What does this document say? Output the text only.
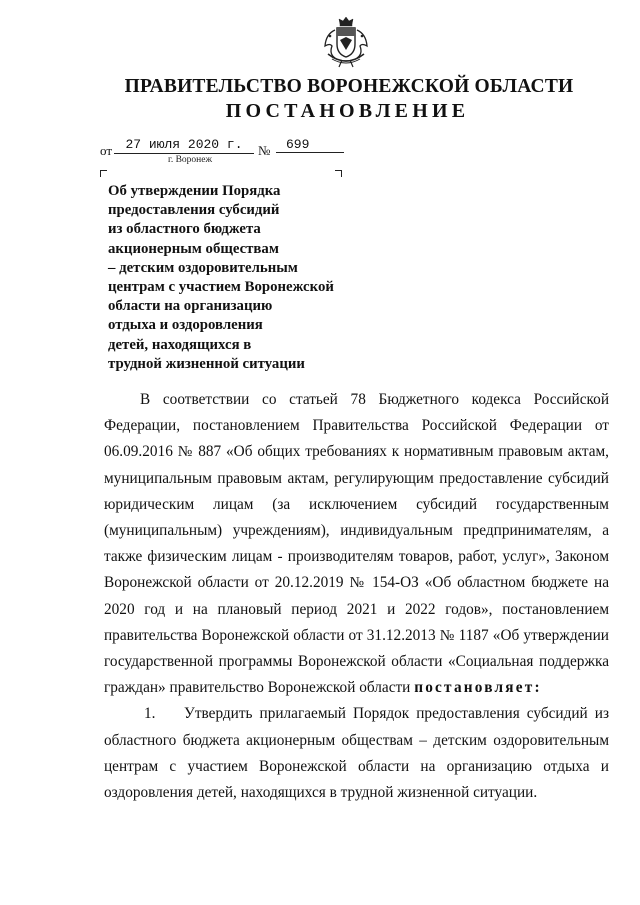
ПРАВИТЕЛЬСТВО ВОРОНЕЖСКОЙ ОБЛАСТИ
ПОСТАНОВЛЕНИЕ
от	27 июля 2020 г.	№	699
г. Воронеж
Об утверждении Порядка
предоставления субсидий
из областного бюджета
акционерным обществам
– детским оздоровительным
центрам с участием Воронежской
области на организацию
отдыха и оздоровления
детей, находящихся в
трудной жизненной ситуации
В соответствии со статьей 78 Бюджетного кодекса Российской
Федерации, постановлением Правительства Российской Федерации от
06.09.2016 № 887 «Об общих требованиях к нормативным правовым актам,
муниципальным правовым актам, регулирующим предоставление субсидий
юридическим лицам (за исключением субсидий государственным
(муниципальным) учреждениям), индивидуальным предпринимателям, а
также физическим лицам - производителям товаров, работ, услуг», Законом
Воронежской области от 20.12.2019 № 154-ОЗ «Об областном бюджете на
2020 год и на плановый период 2021 и 2022 годов», постановлением
правительства Воронежской области от 31.12.2013 № 1187 «Об утверждении
государственной программы Воронежской области «Социальная поддержка
граждан» правительство Воронежской области постановляет:
1. Утвердить прилагаемый Порядок предоставления субсидий из
областного бюджета акционерным обществам – детским оздоровительным
центрам с участием Воронежской области на организацию отдыха и
оздоровления детей, находящихся в трудной жизненной ситуации.
